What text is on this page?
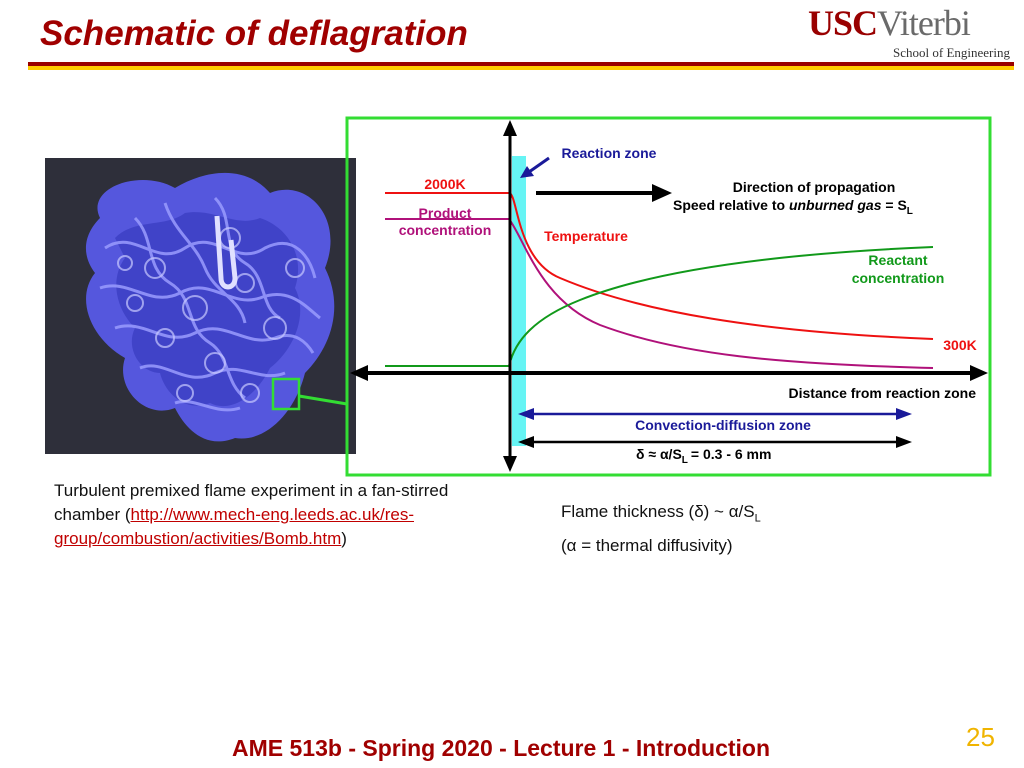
Schematic of deflagration	USCViterbi
School of Engineering
Reaction zone
2000K
Product
concentration
Direction of propagation
Speed relative to unburned gas = $S_L$
Temperature
Reactant
concentration
300K
Distance from reaction zone
Convection-diffusion zone
$\delta \approx \alpha/S_L = 0.3 - 6$ mm
Turbulent premixed flame experiment in a fan-stirred chamber (http://www.mech-eng.leeds.ac.uk/res-group/combustion/activities/Bomb.htm)
Flame thickness (δ) ~ $\alpha/S_L$
(α = thermal diffusivity)
AME 513b - Spring 2020 - Lecture 1 - Introduction	25
